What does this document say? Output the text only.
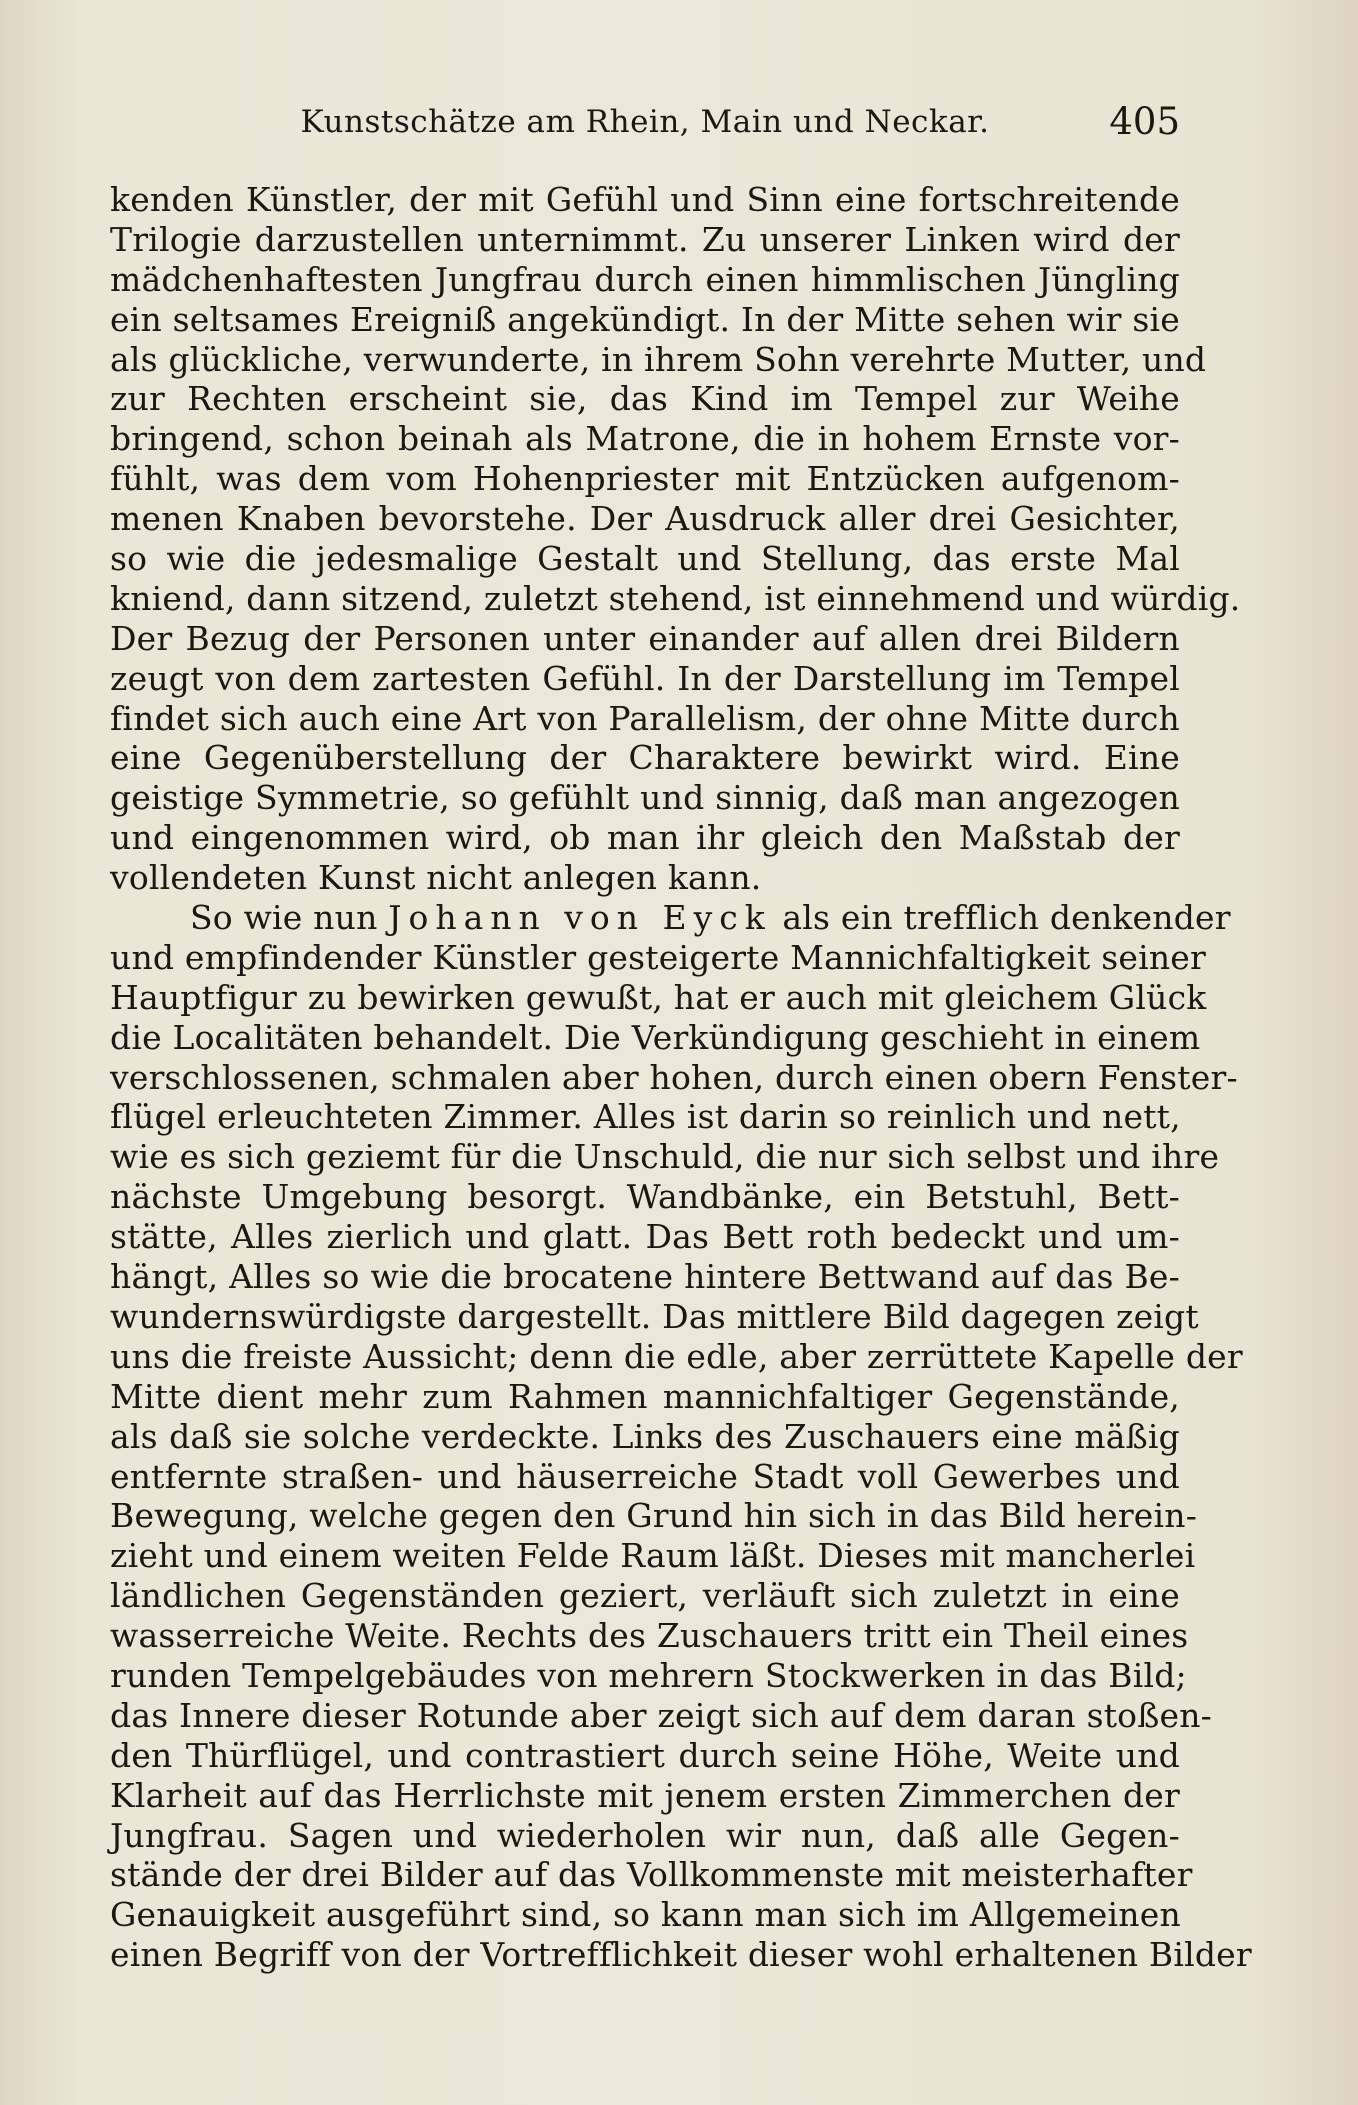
Kunstschätze am Rhein, Main und Neckar.	405
kenden Künstler, der mit Gefühl und Sinn eine fortschreitende
Trilogie darzustellen unternimmt. Zu unserer Linken wird der
mädchenhaftesten Jungfrau durch einen himmlischen Jüngling
ein seltsames Ereigniß angekündigt. In der Mitte sehen wir sie
als glückliche, verwunderte, in ihrem Sohn verehrte Mutter, und
zur Rechten erscheint sie, das Kind im Tempel zur Weihe
bringend, schon beinah als Matrone, die in hohem Ernste vor-
fühlt, was dem vom Hohenpriester mit Entzücken aufgenom-
menen Knaben bevorstehe. Der Ausdruck aller drei Gesichter,
so wie die jedesmalige Gestalt und Stellung, das erste Mal
kniend, dann sitzend, zuletzt stehend, ist einnehmend und würdig.
Der Bezug der Personen unter einander auf allen drei Bildern
zeugt von dem zartesten Gefühl. In der Darstellung im Tempel
findet sich auch eine Art von Parallelism, der ohne Mitte durch
eine Gegenüberstellung der Charaktere bewirkt wird. Eine
geistige Symmetrie, so gefühlt und sinnig, daß man angezogen
und eingenommen wird, ob man ihr gleich den Maßstab der
vollendeten Kunst nicht anlegen kann.
So wie nun Johann von Eyck als ein trefflich denkender
und empfindender Künstler gesteigerte Mannichfaltigkeit seiner
Hauptfigur zu bewirken gewußt, hat er auch mit gleichem Glück
die Localitäten behandelt. Die Verkündigung geschieht in einem
verschlossenen, schmalen aber hohen, durch einen obern Fenster-
flügel erleuchteten Zimmer. Alles ist darin so reinlich und nett,
wie es sich geziemt für die Unschuld, die nur sich selbst und ihre
nächste Umgebung besorgt. Wandbänke, ein Betstuhl, Bett-
stätte, Alles zierlich und glatt. Das Bett roth bedeckt und um-
hängt, Alles so wie die brocatene hintere Bettwand auf das Be-
wundernswürdigste dargestellt. Das mittlere Bild dagegen zeigt
uns die freiste Aussicht; denn die edle, aber zerrüttete Kapelle der
Mitte dient mehr zum Rahmen mannichfaltiger Gegenstände,
als daß sie solche verdeckte. Links des Zuschauers eine mäßig
entfernte straßen- und häuserreiche Stadt voll Gewerbes und
Bewegung, welche gegen den Grund hin sich in das Bild herein-
zieht und einem weiten Felde Raum läßt. Dieses mit mancherlei
ländlichen Gegenständen geziert, verläuft sich zuletzt in eine
wasserreiche Weite. Rechts des Zuschauers tritt ein Theil eines
runden Tempelgebäudes von mehrern Stockwerken in das Bild;
das Innere dieser Rotunde aber zeigt sich auf dem daran stoßen-
den Thürflügel, und contrastiert durch seine Höhe, Weite und
Klarheit auf das Herrlichste mit jenem ersten Zimmerchen der
Jungfrau. Sagen und wiederholen wir nun, daß alle Gegen-
stände der drei Bilder auf das Vollkommenste mit meisterhafter
Genauigkeit ausgeführt sind, so kann man sich im Allgemeinen
einen Begriff von der Vortrefflichkeit dieser wohl erhaltenen Bilder
